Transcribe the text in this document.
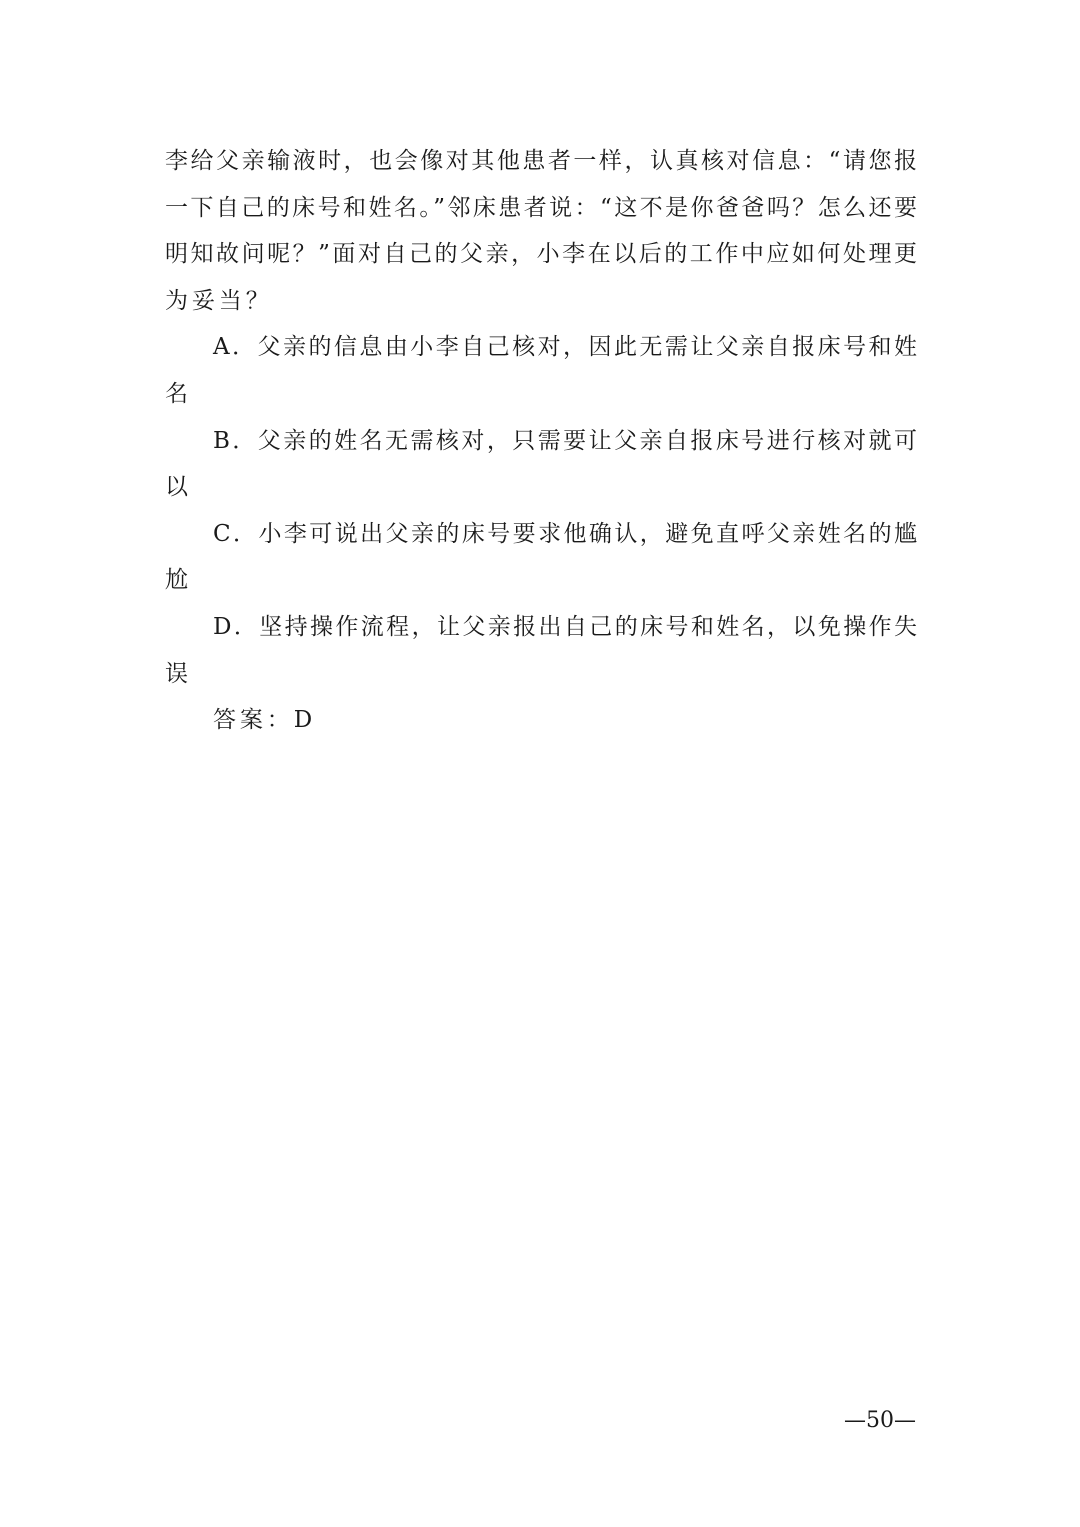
李给父亲输液时，也会像对其他患者一样，认真核对信息：“请您报
一下自己的床号和姓名。”邻床患者说：“这不是你爸爸吗？怎么还要
明知故问呢？”面对自己的父亲，小李在以后的工作中应如何处理更
为妥当？
A．父亲的信息由小李自己核对，因此无需让父亲自报床号和姓
名
B．父亲的姓名无需核对，只需要让父亲自报床号进行核对就可
以
C．小李可说出父亲的床号要求他确认，避免直呼父亲姓名的尴
尬
D．坚持操作流程，让父亲报出自己的床号和姓名，以免操作失
误
答案：D
—50—
